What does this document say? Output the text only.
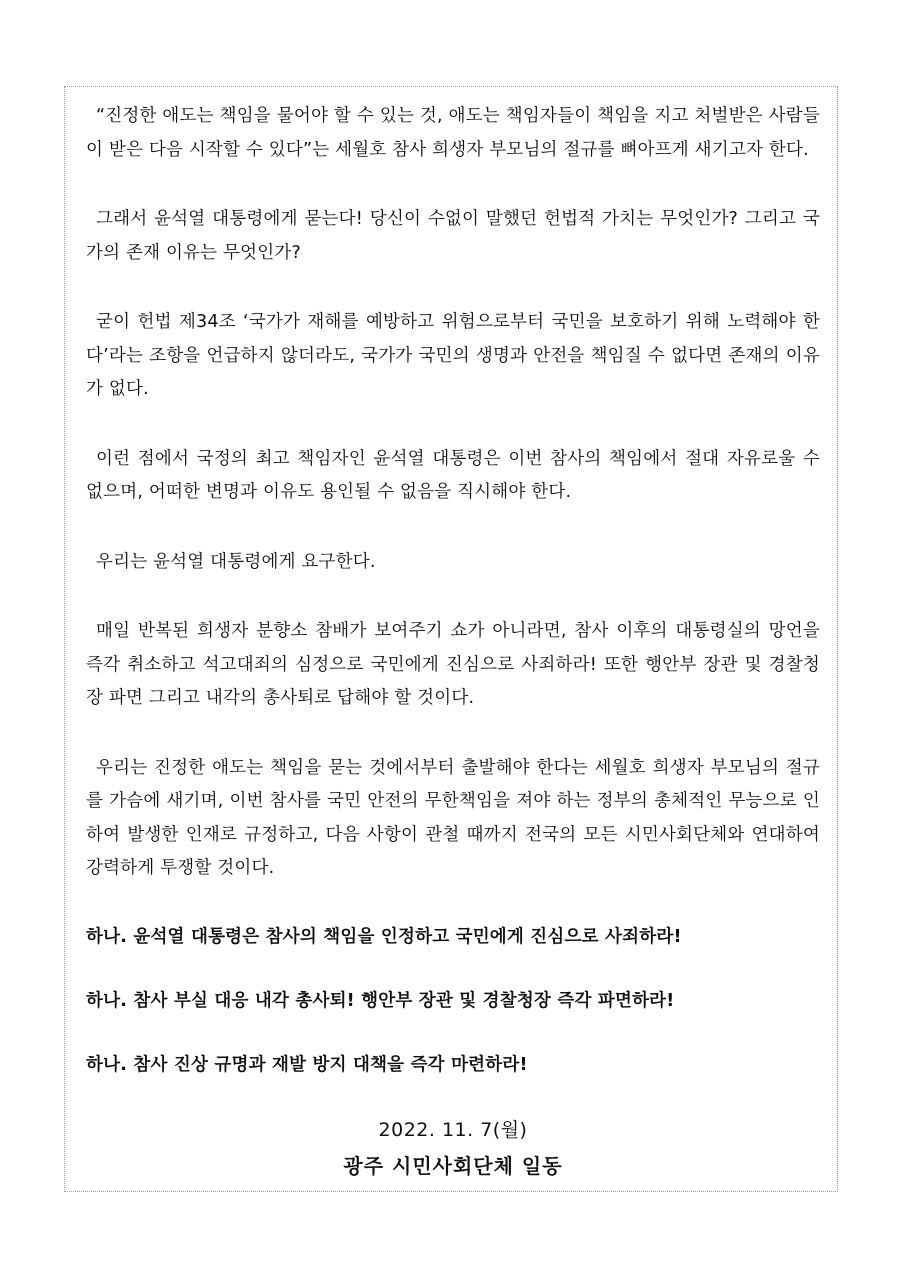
“진정한 애도는 책임을 물어야 할 수 있는 것, 애도는 책임자들이 책임을 지고 처벌받은 사람들이 받은 다음 시작할 수 있다”는 세월호 참사 희생자 부모님의 절규를 뼈아프게 새기고자 한다.

그래서 윤석열 대통령에게 묻는다! 당신이 수없이 말했던 헌법적 가치는 무엇인가? 그리고 국가의 존재 이유는 무엇인가?

굳이 헌법 제34조 ‘국가가 재해를 예방하고 위험으로부터 국민을 보호하기 위해 노력해야 한다’라는 조항을 언급하지 않더라도, 국가가 국민의 생명과 안전을 책임질 수 없다면 존재의 이유가 없다.

이런 점에서 국정의 최고 책임자인 윤석열 대통령은 이번 참사의 책임에서 절대 자유로울 수 없으며, 어떠한 변명과 이유도 용인될 수 없음을 직시해야 한다.

우리는 윤석열 대통령에게 요구한다.

매일 반복된 희생자 분향소 참배가 보여주기 쇼가 아니라면, 참사 이후의 대통령실의 망언을 즉각 취소하고 석고대죄의 심정으로 국민에게 진심으로 사죄하라! 또한 행안부 장관 및 경찰청장 파면 그리고 내각의 총사퇴로 답해야 할 것이다.

우리는 진정한 애도는 책임을 묻는 것에서부터 출발해야 한다는 세월호 희생자 부모님의 절규를 가슴에 새기며, 이번 참사를 국민 안전의 무한책임을 져야 하는 정부의 총체적인 무능으로 인하여 발생한 인재로 규정하고, 다음 사항이 관철 때까지 전국의 모든 시민사회단체와 연대하여 강력하게 투쟁할 것이다.

하나. 윤석열 대통령은 참사의 책임을 인정하고 국민에게 진심으로 사죄하라!

하나. 참사 부실 대응 내각 총사퇴! 행안부 장관 및 경찰청장 즉각 파면하라!

하나. 참사 진상 규명과 재발 방지 대책을 즉각 마련하라!

2022. 11. 7(월)

광주 시민사회단체 일동
